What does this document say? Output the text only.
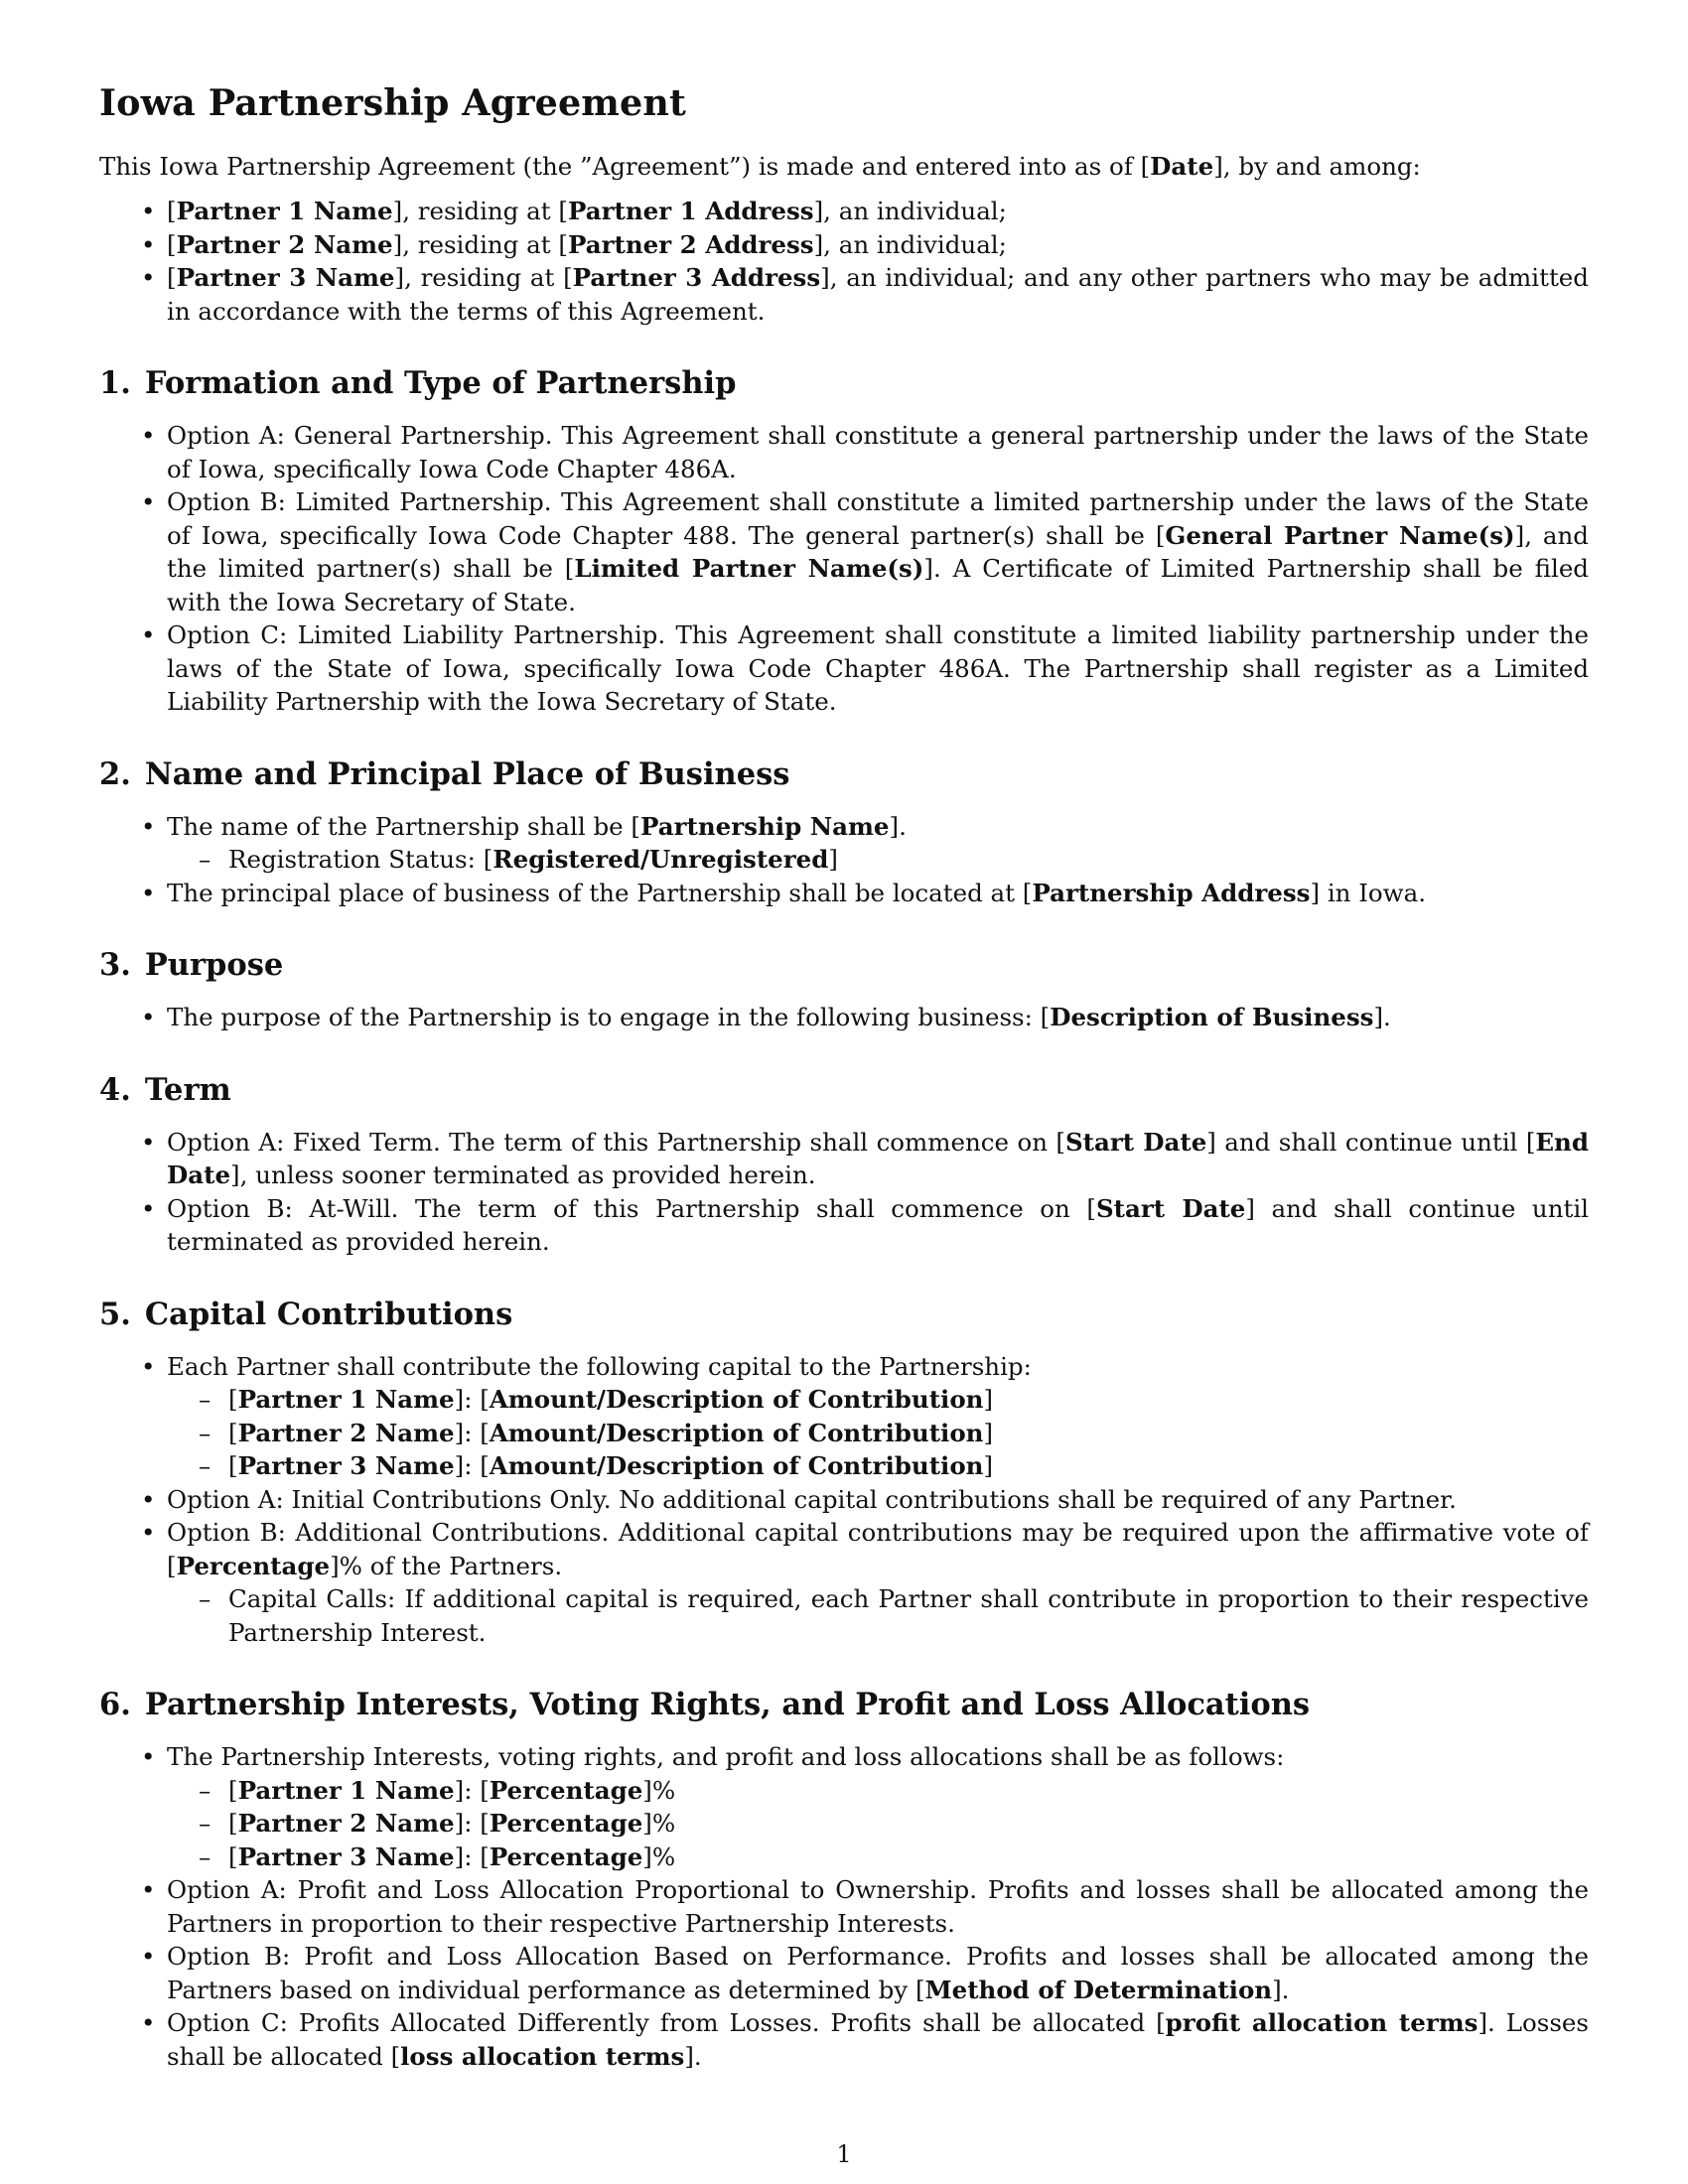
Iowa Partnership Agreement

This Iowa Partnership Agreement (the ”Agreement”) is made and entered into as of [Date], by and among:

• [Partner 1 Name], residing at [Partner 1 Address], an individual;
• [Partner 2 Name], residing at [Partner 2 Address], an individual;
• [Partner 3 Name], residing at [Partner 3 Address], an individual; and any other partners who may be admitted in accordance with the terms of this Agreement.
1. Formation and Type of Partnership
• Option A: General Partnership. This Agreement shall constitute a general partnership under the laws of the State of Iowa, specifically Iowa Code Chapter 486A.
• Option B: Limited Partnership. This Agreement shall constitute a limited partnership under the laws of the State of Iowa, specifically Iowa Code Chapter 488. The general partner(s) shall be [General Partner Name(s)], and the limited partner(s) shall be [Limited Partner Name(s)]. A Certificate of Limited Partnership shall be filed with the Iowa Secretary of State.
• Option C: Limited Liability Partnership. This Agreement shall constitute a limited liability partnership under the laws of the State of Iowa, specifically Iowa Code Chapter 486A. The Partnership shall register as a Limited Liability Partnership with the Iowa Secretary of State.
2. Name and Principal Place of Business
• The name of the Partnership shall be [Partnership Name].
– Registration Status: [Registered/Unregistered]
• The principal place of business of the Partnership shall be located at [Partnership Address] in Iowa.
3. Purpose
• The purpose of the Partnership is to engage in the following business: [Description of Business].
4. Term
• Option A: Fixed Term. The term of this Partnership shall commence on [Start Date] and shall continue until [End Date], unless sooner terminated as provided herein.
• Option B: At-Will. The term of this Partnership shall commence on [Start Date] and shall continue until terminated as provided herein.
5. Capital Contributions
• Each Partner shall contribute the following capital to the Partnership:
– [Partner 1 Name]: [Amount/Description of Contribution]
– [Partner 2 Name]: [Amount/Description of Contribution]
– [Partner 3 Name]: [Amount/Description of Contribution]
• Option A: Initial Contributions Only. No additional capital contributions shall be required of any Partner.
• Option B: Additional Contributions. Additional capital contributions may be required upon the affirmative vote of [Percentage]% of the Partners.
– Capital Calls: If additional capital is required, each Partner shall contribute in proportion to their respective Partnership Interest.
6. Partnership Interests, Voting Rights, and Profit and Loss Allocations
• The Partnership Interests, voting rights, and profit and loss allocations shall be as follows:
– [Partner 1 Name]: [Percentage]%
– [Partner 2 Name]: [Percentage]%
– [Partner 3 Name]: [Percentage]%
• Option A: Profit and Loss Allocation Proportional to Ownership. Profits and losses shall be allocated among the Partners in proportion to their respective Partnership Interests.
• Option B: Profit and Loss Allocation Based on Performance. Profits and losses shall be allocated among the Partners based on individual performance as determined by [Method of Determination].
• Option C: Profits Allocated Differently from Losses. Profits shall be allocated [profit allocation terms]. Losses shall be allocated [loss allocation terms].
1
